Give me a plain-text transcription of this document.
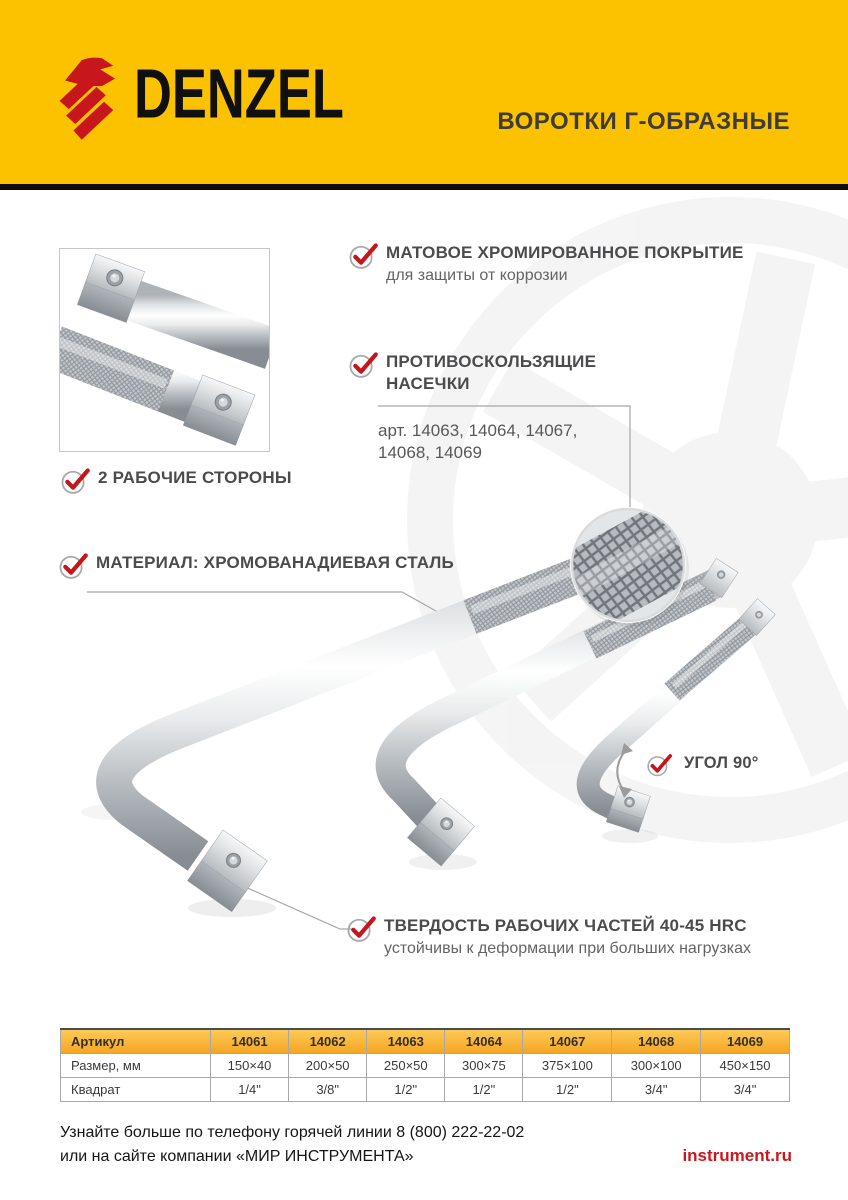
DENZEL	ВОРОТКИ Г-ОБРАЗНЫЕ
МАТОВОЕ ХРОМИРОВАННОЕ ПОКРЫТИЕ
для защиты от коррозии
ПРОТИВОСКОЛЬЗЯЩИЕ НАСЕЧКИ
арт. 14063, 14064, 14067,
14068, 14069
2 РАБОЧИЕ СТОРОНЫ
МАТЕРИАЛ: ХРОМОВАНАДИЕВАЯ СТАЛЬ
УГОЛ 90°
ТВЕРДОСТЬ РАБОЧИХ ЧАСТЕЙ 40-45 HRC
устойчивы к деформации при больших нагрузках
Артикул	14061	14062	14063	14064	14067	14068	14069
Размер, мм	150×40	200×50	250×50	300×75	375×100	300×100	450×150
Квадрат	1/4"	3/8"	1/2"	1/2"	1/2"	3/4"	3/4"
Узнайте больше по телефону горячей линии 8 (800) 222-22-02
или на сайте компании «МИР ИНСТРУМЕНТА»	instrument.ru
